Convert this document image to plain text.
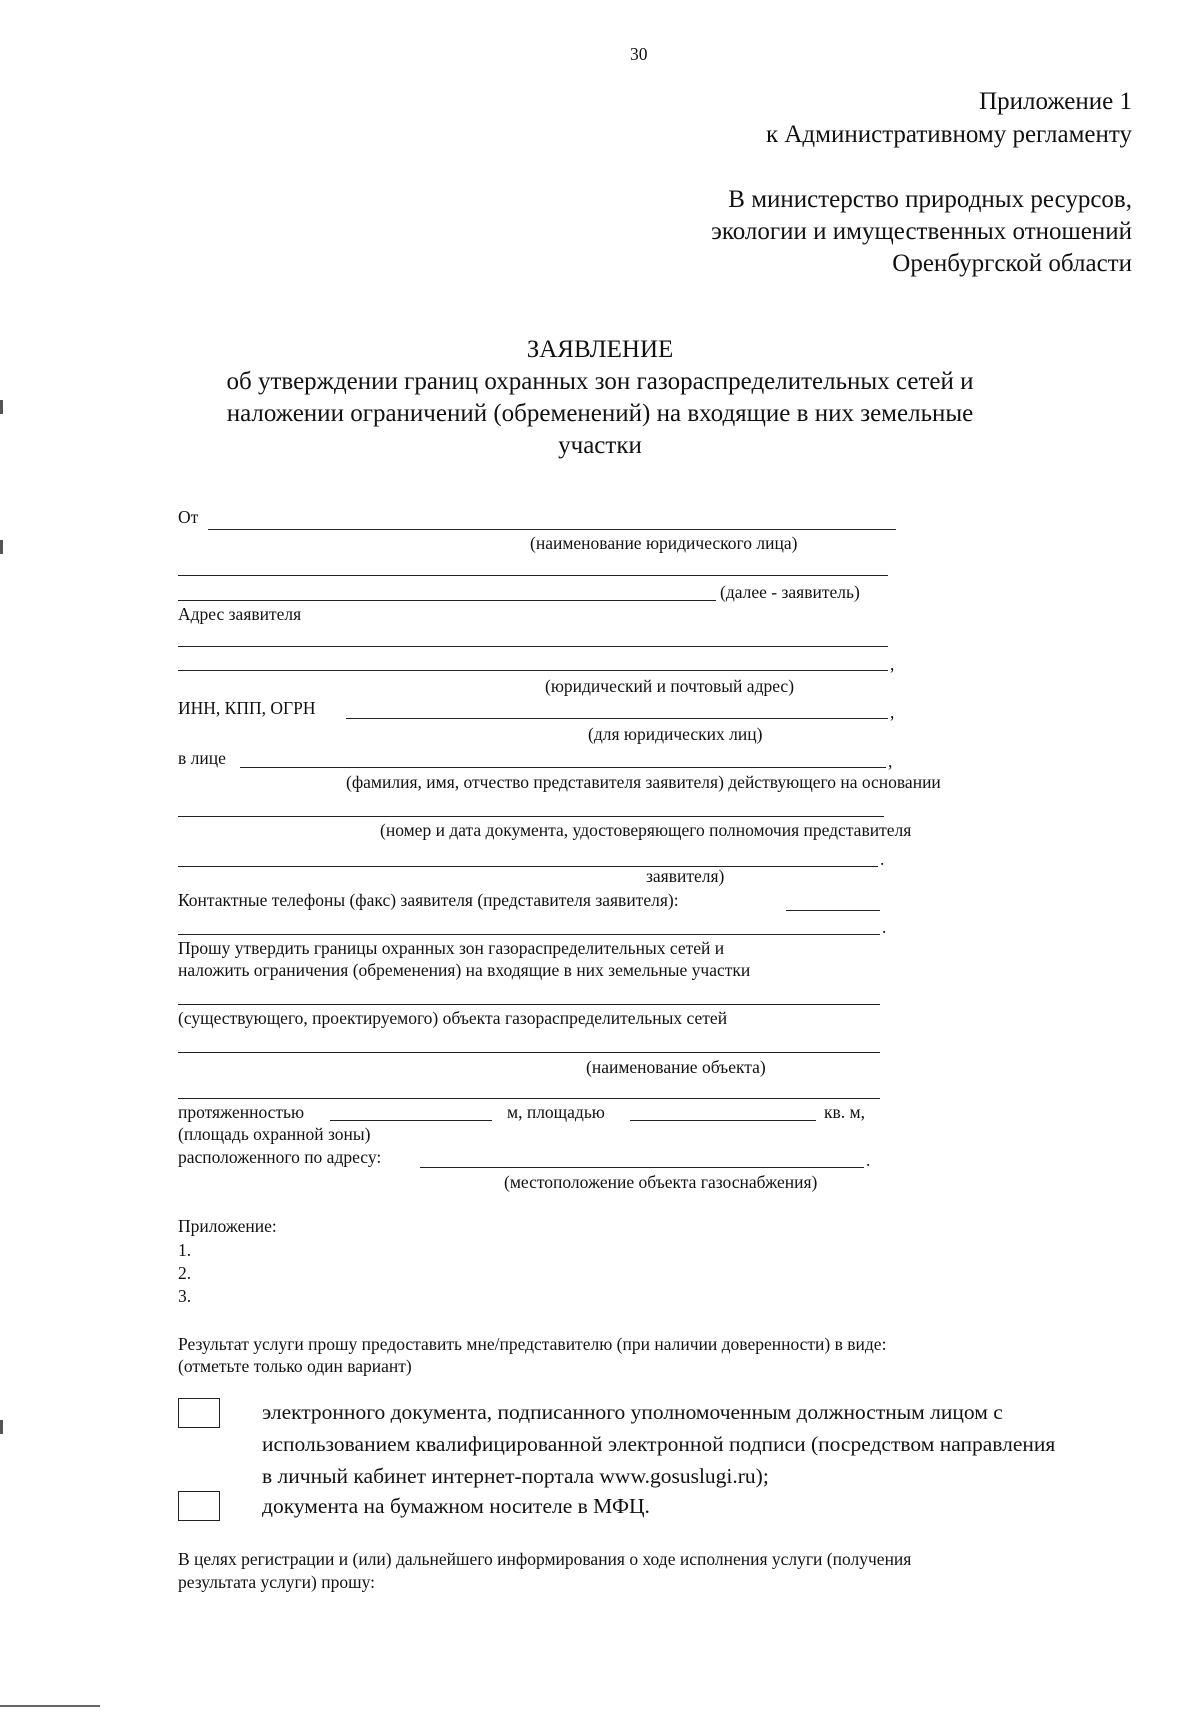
30
Приложение 1
к Административному регламенту
В министерство природных ресурсов,
экологии и имущественных отношений
Оренбургской области
ЗАЯВЛЕНИЕ
об утверждении границ охранных зон газораспределительных сетей и
наложении ограничений (обременений) на входящие в них земельные
участки
От
(наименование юридического лица)
(далее - заявитель)
Адрес заявителя
,
(юридический и почтовый адрес)
ИНН, КПП, ОГРН	,
(для юридических лиц)
в лице	,
(фамилия, имя, отчество представителя заявителя) действующего на основании
(номер и дата документа, удостоверяющего полномочия представителя
.
заявителя)
Контактные телефоны (факс) заявителя (представителя заявителя):
.
Прошу утвердить границы охранных зон газораспределительных сетей и
наложить ограничения (обременения) на входящие в них земельные участки
(существующего, проектируемого) объекта газораспределительных сетей
(наименование объекта)
протяженностью	м, площадью	кв. м,
(площадь охранной зоны)
расположенного по адресу:	.
(местоположение объекта газоснабжения)
Приложение:
1.
2.
3.
Результат услуги прошу предоставить мне/представителю (при наличии доверенности) в виде:
(отметьте только один вариант)
электронного документа, подписанного уполномоченным должностным лицом с
использованием квалифицированной электронной подписи (посредством направления
в личный кабинет интернет-портала www.gosuslugi.ru);
документа на бумажном носителе в МФЦ.
В целях регистрации и (или) дальнейшего информирования о ходе исполнения услуги (получения
результата услуги) прошу:
